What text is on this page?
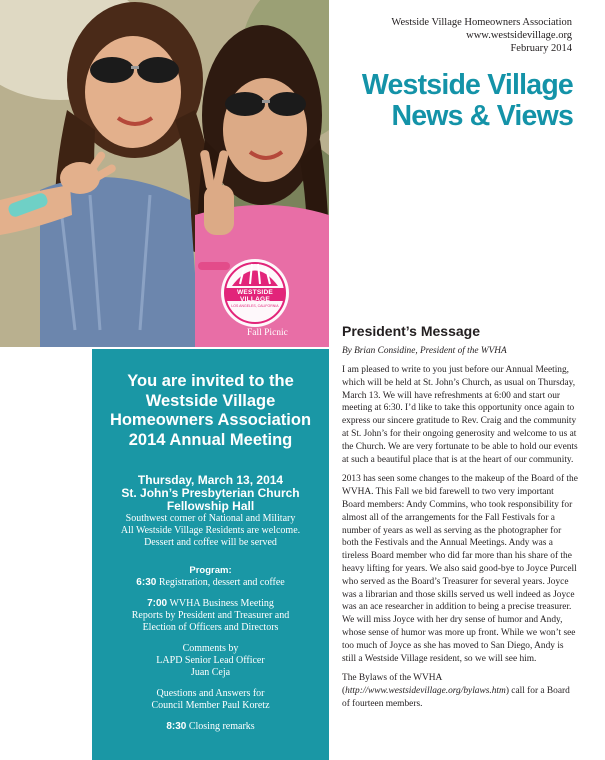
WESTSIDE VILLAGE
LOS ANGELES, CALIFORNIA
Fall Picnic
Westside Village Homeowners Association
www.westsidevillage.org
February 2014
Westside Village
News & Views
You are invited to the Westside Village Homeowners Association 2014 Annual Meeting
Thursday, March 13, 2014
St. John’s Presbyterian Church
Fellowship Hall
Southwest corner of National and Military
All Westside Village Residents are welcome.
Dessert and coffee will be served
Program:
6:30 Registration, dessert and coffee
7:00 WVHA Business Meeting
Reports by President and Treasurer and
Election of Officers and Directors
Comments by
LAPD Senior Lead Officer
Juan Ceja
Questions and Answers for
Council Member Paul Koretz
8:30 Closing remarks
President’s Message
By Brian Considine, President of the WVHA

I am pleased to write to you just before our Annual Meeting, which will be held at St. John’s Church, as usual on Thursday, March 13. We will have refreshments at 6:00 and start our meeting at 6:30. I’d like to take this opportunity once again to express our sincere gratitude to Rev. Craig and the community at St. John’s for their ongoing generosity and welcome to us at the Church. We are very fortunate to be able to hold our events at such a beautiful place that is at the heart of our community.

2013 has seen some changes to the makeup of the Board of the WVHA. This Fall we bid farewell to two very important Board members: Andy Commins, who took responsibility for almost all of the arrangements for the Fall Festivals for a number of years as well as serving as the photographer for both the Festivals and the Annual Meetings. Andy was a tireless Board member who did far more than his share of the heavy lifting for years. We also said good-bye to Joyce Purcell who served as the Board’s Treasurer for several years. Joyce was a librarian and those skills served us well indeed as Joyce was an ace researcher in addition to being a precise treasurer. We will miss Joyce with her dry sense of humor and Andy, whose sense of humor was more up front. While we won’t see too much of Joyce as she has moved to San Diego, Andy is still a Westside Village resident, so we will see him.

The Bylaws of the WVHA (http://www.westsidevillage.org/bylaws.htm) call for a Board of fourteen members.
